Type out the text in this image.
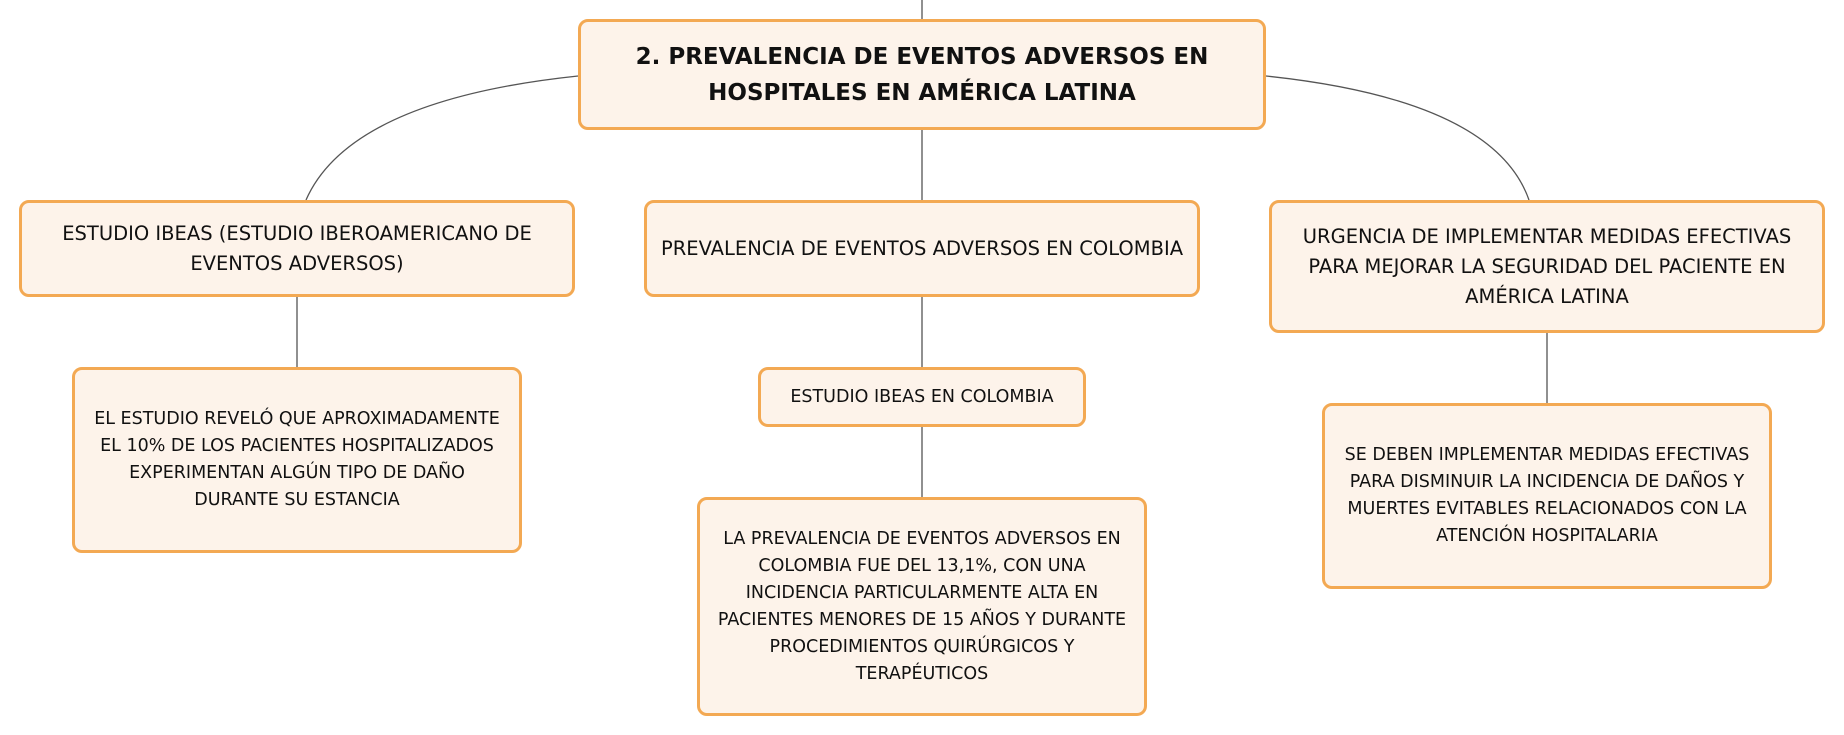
2. PREVALENCIA DE EVENTOS ADVERSOS EN HOSPITALES EN AMÉRICA LATINA
ESTUDIO IBEAS (ESTUDIO IBEROAMERICANO DE EVENTOS ADVERSOS)
PREVALENCIA DE EVENTOS ADVERSOS EN COLOMBIA
URGENCIA DE IMPLEMENTAR MEDIDAS EFECTIVAS PARA MEJORAR LA SEGURIDAD DEL PACIENTE EN AMÉRICA LATINA
EL ESTUDIO REVELÓ QUE APROXIMADAMENTE EL 10% DE LOS PACIENTES HOSPITALIZADOS EXPERIMENTAN ALGÚN TIPO DE DAÑO DURANTE SU ESTANCIA
ESTUDIO IBEAS EN COLOMBIA
LA PREVALENCIA DE EVENTOS ADVERSOS EN COLOMBIA FUE DEL 13,1%, CON UNA INCIDENCIA PARTICULARMENTE ALTA EN PACIENTES MENORES DE 15 AÑOS Y DURANTE PROCEDIMIENTOS QUIRÚRGICOS Y TERAPÉUTICOS
SE DEBEN IMPLEMENTAR MEDIDAS EFECTIVAS PARA DISMINUIR LA INCIDENCIA DE DAÑOS Y MUERTES EVITABLES RELACIONADOS CON LA ATENCIÓN HOSPITALARIA
